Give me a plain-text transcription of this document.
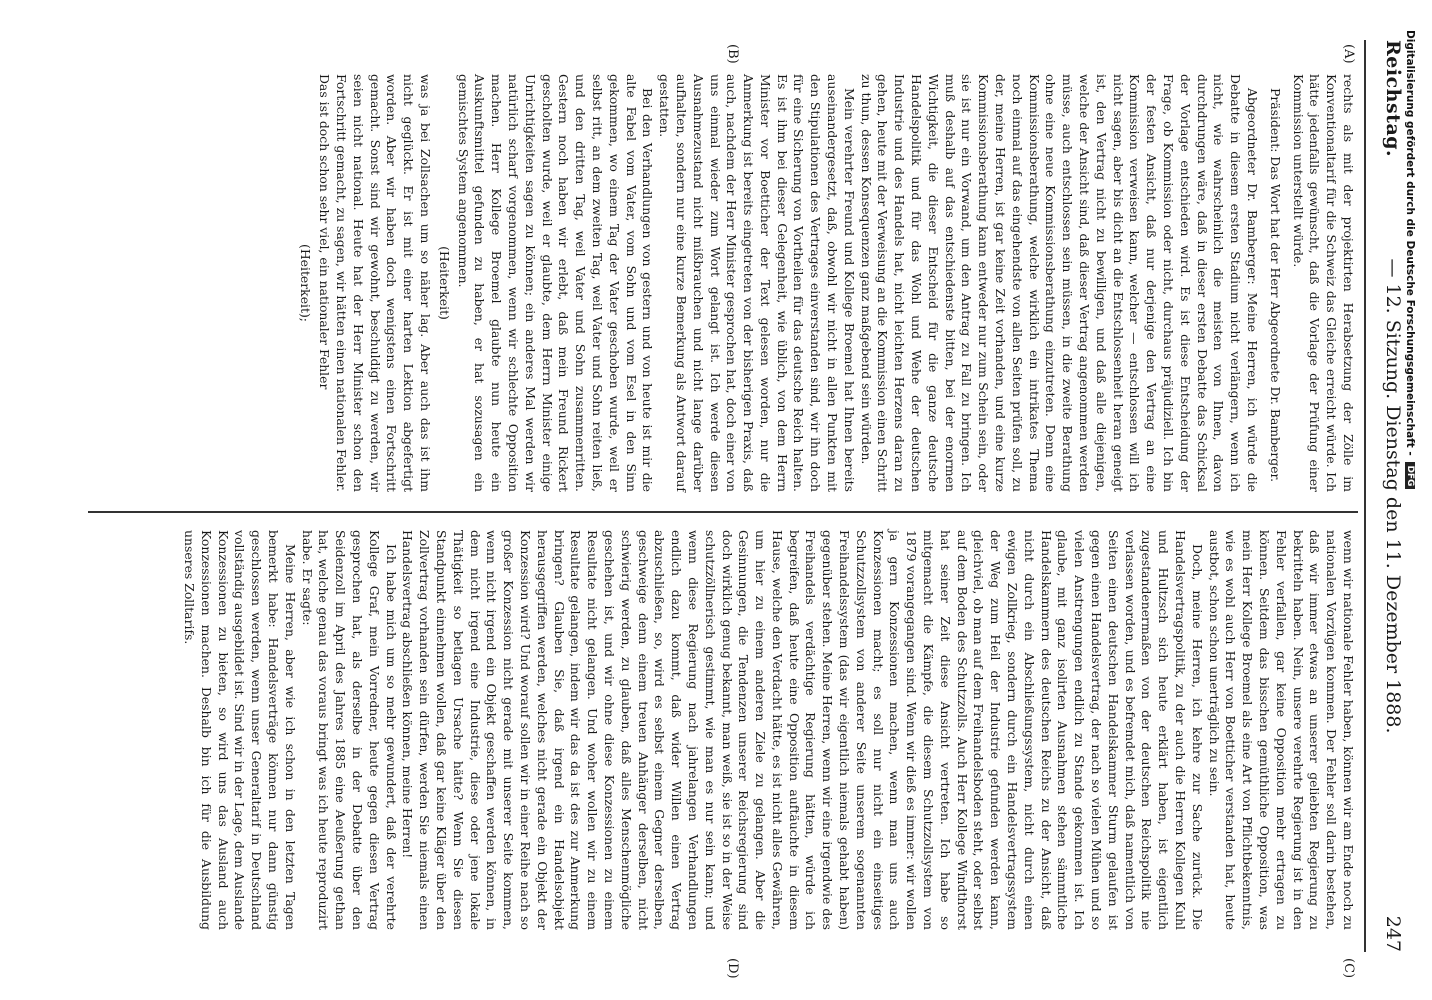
Reichstag.
— 12. Sitzung. Dienstag den 11. Dezember 1888.
247
(A)
(B)
(C)
(D)

rechts als mit der projektirten Herabsetzung der Zölle im Konventionaltarif für die Schweiz das Gleiche erreicht würde. Ich hätte jedenfalls gewünscht, daß die Vorlage der Prüfung einer Kommission unterstellt würde.

Präsident: Das Wort hat der Herr Abgeordnete Dr. Bamberger.

Abgeordneter Dr. Bamberger: Meine Herren, ich würde die Debatte in diesem ersten Stadium nicht verlängern, wenn ich nicht, wie wahrscheinlich die meisten von Ihnen, davon durchdrungen wäre, daß in dieser ersten Debatte das Schicksal der Vorlage entschieden wird. Es ist diese Entscheidung der Frage, ob Kommission oder nicht, durchaus präjudiziell. Ich bin der festen Ansicht, daß nur derjenige den Vertrag an eine Kommission verweisen kann, welcher — entschlossen will ich nicht sagen, aber bis dicht an die Entschlossenheit heran geneigt ist, den Vertrag nicht zu bewilligen, und daß alle diejenigen, welche der Ansicht sind, daß dieser Vertrag angenommen werden müsse, auch entschlossen sein müssen, in die zweite Berathung ohne eine neue Kommissionsberathung einzutreten. Denn eine Kommissionsberathung, welche wirklich ein intrikates Thema noch einmal auf das eingehendste von allen Seiten prüfen soll, zu der, meine Herren, ist gar keine Zeit vorhanden, und eine kurze Kommissionsberathung kann entweder nur zum Schein sein, oder sie ist nur ein Vorwand, um den Antrag zu Fall zu bringen. Ich muß deshalb auf das entschiedenste bitten, bei der enormen Wichtigkeit, die dieser Entscheid für die ganze deutsche Handelspolitik und für das Wohl und Wehe der deutschen Industrie und des Handels hat, nicht leichten Herzens daran zu gehen, heute mit der Verweisung an die Kommission einen Schritt zu thun, dessen Konsequenzen ganz maßgebend sein würden.

Mein verehrter Freund und Kollege Broemel hat Ihnen bereits auseinandergesetzt, daß, obwohl wir nicht in allen Punkten mit den Stipulationen des Vertrages einverstanden sind, wir ihn doch für eine Sicherung von Vortheilen für das deutsche Reich halten. Es ist ihm bei dieser Gelegenheit, wie üblich, von dem Herrn Minister vor Boetticher der Text gelesen worden, nur die Anmerkung ist bereits eingetreten von der bisherigen Praxis, daß auch, nachdem der Herr Minister gesprochen hat, doch einer von uns einmal wieder zum Wort gelangt ist. Ich werde diesen Ausnahmezustand nicht mißbrauchen und nicht lange darüber aufhalten, sondern nur eine kurze Bemerkung als Antwort darauf gestatten.

Bei den Verhandlungen von gestern und von heute ist mir die alte Fabel vom Vater, vom Sohn und vom Esel in den Sinn gekommen, wo einem Tag der Vater geschoben wurde, weil er selbst ritt, an dem zweiten Tag, weil Vater und Sohn reiten ließ, und den dritten Tag, weil Vater und Sohn zusammenritten. Gestern noch haben wir erlebt, daß mein Freund Rickert gescholten wurde, weil er glaubte, dem Herrn Minister einige Unrichtigkeiten sagen zu können; ein anderes Mal werden wir natürlich scharf vorgenommen, wenn wir schlechte Opposition machen. Herr Kollege Broemel glaubte nun heute ein Auskunftsmittel gefunden zu haben, er hat sozusagen ein gemischtes System angenommen.

(Heiterkeit)

was ja bei Zollsachen um so näher lag. Aber auch das ist ihm nicht geglückt. Er ist mit einer harten Lektion abgefertigt worden. Aber wir haben doch wenigstens einen Fortschritt gemacht. Sonst sind wir gewohnt, beschuldigt zu werden, wir seien nicht national. Heute hat der Herr Minister schon den Fortschritt gemacht, zu sagen, wir hätten einen nationalen Fehler. Das ist doch schon sehr viel, ein nationaler Fehler

(Heiterkeit);

wenn wir nationale Fehler haben, können wir am Ende noch zu nationalen Vorzügen kommen. Der Fehler soll darin bestehen, daß wir immer etwas an unserer geliebten Regierung zu bekritteln haben. Nein, unsere verehrte Regierung ist in den Fehler verfallen, gar keine Opposition mehr ertragen zu können. Seitdem das bisschen gemüthliche Opposition, was mein Herr Kollege Broemel als eine Art von Pflichtbekenntnis, wie es wohl auch Herr von Boetticher verstanden hat, heute austbot, schon schon unerträglich zu sein.

Doch, meine Herren, ich kehre zur Sache zurück. Die Handelsvertragspolitik, zu der auch die Herren Kollegen Kuhl und Hultzsch sich heute erklärt haben, ist eigentlich zugestandenermaßen von der deutschen Reichspolitik nie verlassen worden, und es befremdet mich, daß namentlich von Seiten einen deutschen Handelskammer Sturm gelaufen ist gegen einen Handelsvertrag, der nach so vielen Mühen und so vielen Anstrengungen endlich zu Stande gekommen ist. Ich glaube, mit ganz isolirten Ausnahmen stehen sämmtliche Handelskammern des deutschen Reichs zu der Ansicht, daß nicht durch ein Abschließungssystem, nicht durch einen ewigen Zollkrieg, sondern durch ein Handelsvertragssystem der Weg zum Heil der Industrie gefunden werden kann, gleichviel, ob man auf dem Freihandelsboden steht, oder selbst auf dem Boden des Schutzzolls. Auch Herr Kollege Windthorst hat seiner Zeit diese Ansicht vertreten. Ich habe so mitgemacht die Kämpfe, die diesem Schutzzollsystem von 1879 vorangegangen sind. Wenn wir dieß es immer: wir wollen ja gern Konzessionen machen, wenn man uns auch Konzessionen macht; es soll nur nicht ein einseitiges Schutzzollsystem von anderer Seite unserem sogenannten Freihandelssystem (das wir eigentlich niemals gehabt haben) gegenüber stehen. Meine Herren, wenn wir eine irgendwie des Freihandels verdächtige Regierung hätten, würde ich begreifen, daß heute eine Opposition auftäuchte in diesem Hause, welche den Verdacht hätte, es ist nicht alles Gewähren, um hier zu einem anderen Ziele zu gelangen. Aber die Gesinnungen, die Tendenzen unserer Reichsregierung sind doch wirklich genug bekannt, man weiß, sie ist so in der Weise schutzzöllnerisch gestimmt, wie man es nur sein kann; und wenn diese Regierung nach jahrelangen Verhandlungen endlich dazu kommt, daß wider Willen einen Vertrag abzuschließen, so, wird es selbst einem Gegner derselben, geschweige denn einem treuen Anhänger derselben, nicht schwierig werden, zu glauben, daß alles Menschenmögliche geschehen ist, und wir ohne diese Konzessionen zu einem Resultate nicht gelangen. Und woher wollen wir zu einem Resultate gelangen, indem wir das da ist des zur Anmerkung bringen? Glauben Sie, daß irgend ein Handelsobjekt herausgegriffen werden, welches nicht gerade ein Objekt der Konzession wird? Und worauf sollen wir in einer Reihe nach so großer Konzession nicht gerade mit unserer Seite kommen, wenn nicht irgend ein Objekt geschaffen werden können, in dem nicht irgend eine Industrie, diese oder jene lokale Thätigkeit so betlagen Ursache hätte? Wenn Sie diesen Standpunkt einnehmen wollen, daß gar keine Kläger über den Zollvertrag vorhanden sein dürfen, werden Sie niemals einen Handelsvertrag abschließen können, meine Herren!

Ich habe mich um so mehr gewundert, daß der verehrte Kollege Graf, mein Vorredner, heute gegen diesen Vertrag gesprochen hat, als derselbe in der Debatte über den Seidenzoll im April des Jahres 1885 eine Aeußerung gethan hat, welche genau das voraus bringt was ich heute reproduzirt habe. Er sagte:

Meine Herren, aber wie ich schon in den letzten Tagen bemerkt habe: Handelsverträge können nur dann günstig geschlossen werden, wenn unser Generaltarif in Deutschland vollständig ausgebildet ist. Sind wir in der Lage, dem Auslande Konzessionen zu bieten, so wird uns das Ausland auch Konzessionen machen. Deshalb bin ich für die Ausbildung unseres Zolltarifs.

Digitalisierung gefördert durch die Deutsche Forschungsgemeinschaft - DFG
